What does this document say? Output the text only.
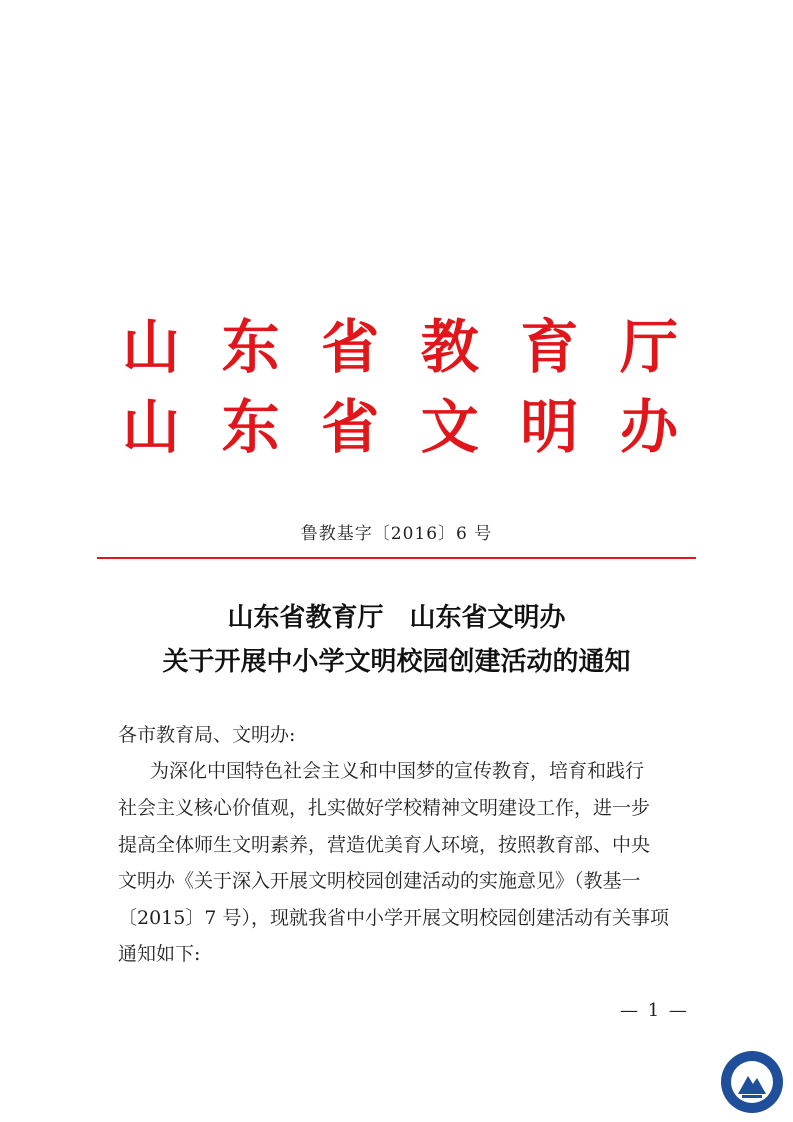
山 东 省 教 育 厅
山 东 省 文 明 办
鲁教基字〔2016〕6 号
山东省教育厅　山东省文明办
关于开展中小学文明校园创建活动的通知
各市教育局、文明办:
为深化中国特色社会主义和中国梦的宣传教育，培育和践行
社会主义核心价值观，扎实做好学校精神文明建设工作，进一步
提高全体师生文明素养，营造优美育人环境，按照教育部、中央
文明办《关于深入开展文明校园创建活动的实施意见》（教基一
〔2015〕7 号），现就我省中小学开展文明校园创建活动有关事项
通知如下:
— 1 —
